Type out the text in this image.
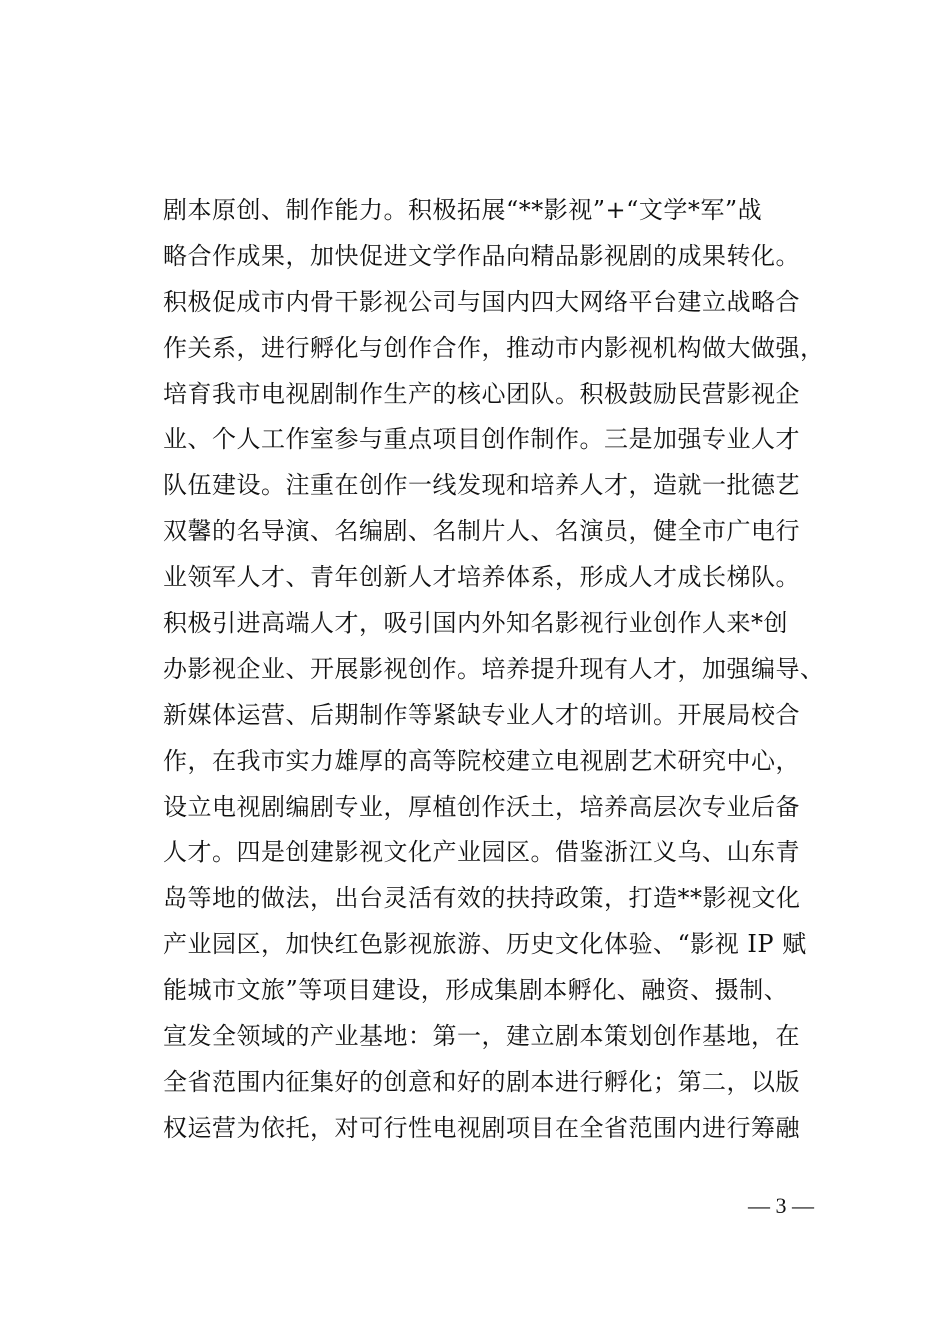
剧本原创、制作能力。积极拓展“**影视”+“文学*军”战
略合作成果，加快促进文学作品向精品影视剧的成果转化。
积极促成市内骨干影视公司与国内四大网络平台建立战略合
作关系，进行孵化与创作合作，推动市内影视机构做大做强，
培育我市电视剧制作生产的核心团队。积极鼓励民营影视企
业、个人工作室参与重点项目创作制作。三是加强专业人才
队伍建设。注重在创作一线发现和培养人才，造就一批德艺
双馨的名导演、名编剧、名制片人、名演员，健全市广电行
业领军人才、青年创新人才培养体系，形成人才成长梯队。
积极引进高端人才，吸引国内外知名影视行业创作人来*创
办影视企业、开展影视创作。培养提升现有人才，加强编导、
新媒体运营、后期制作等紧缺专业人才的培训。开展局校合
作，在我市实力雄厚的高等院校建立电视剧艺术研究中心，
设立电视剧编剧专业，厚植创作沃土，培养高层次专业后备
人才。四是创建影视文化产业园区。借鉴浙江义乌、山东青
岛等地的做法，出台灵活有效的扶持政策，打造**影视文化
产业园区，加快红色影视旅游、历史文化体验、“影视 IP 赋
能城市文旅”等项目建设，形成集剧本孵化、融资、摄制、
宣发全领域的产业基地：第一，建立剧本策划创作基地，在
全省范围内征集好的创意和好的剧本进行孵化；第二，以版
权运营为依托，对可行性电视剧项目在全省范围内进行筹融
— 3 —
